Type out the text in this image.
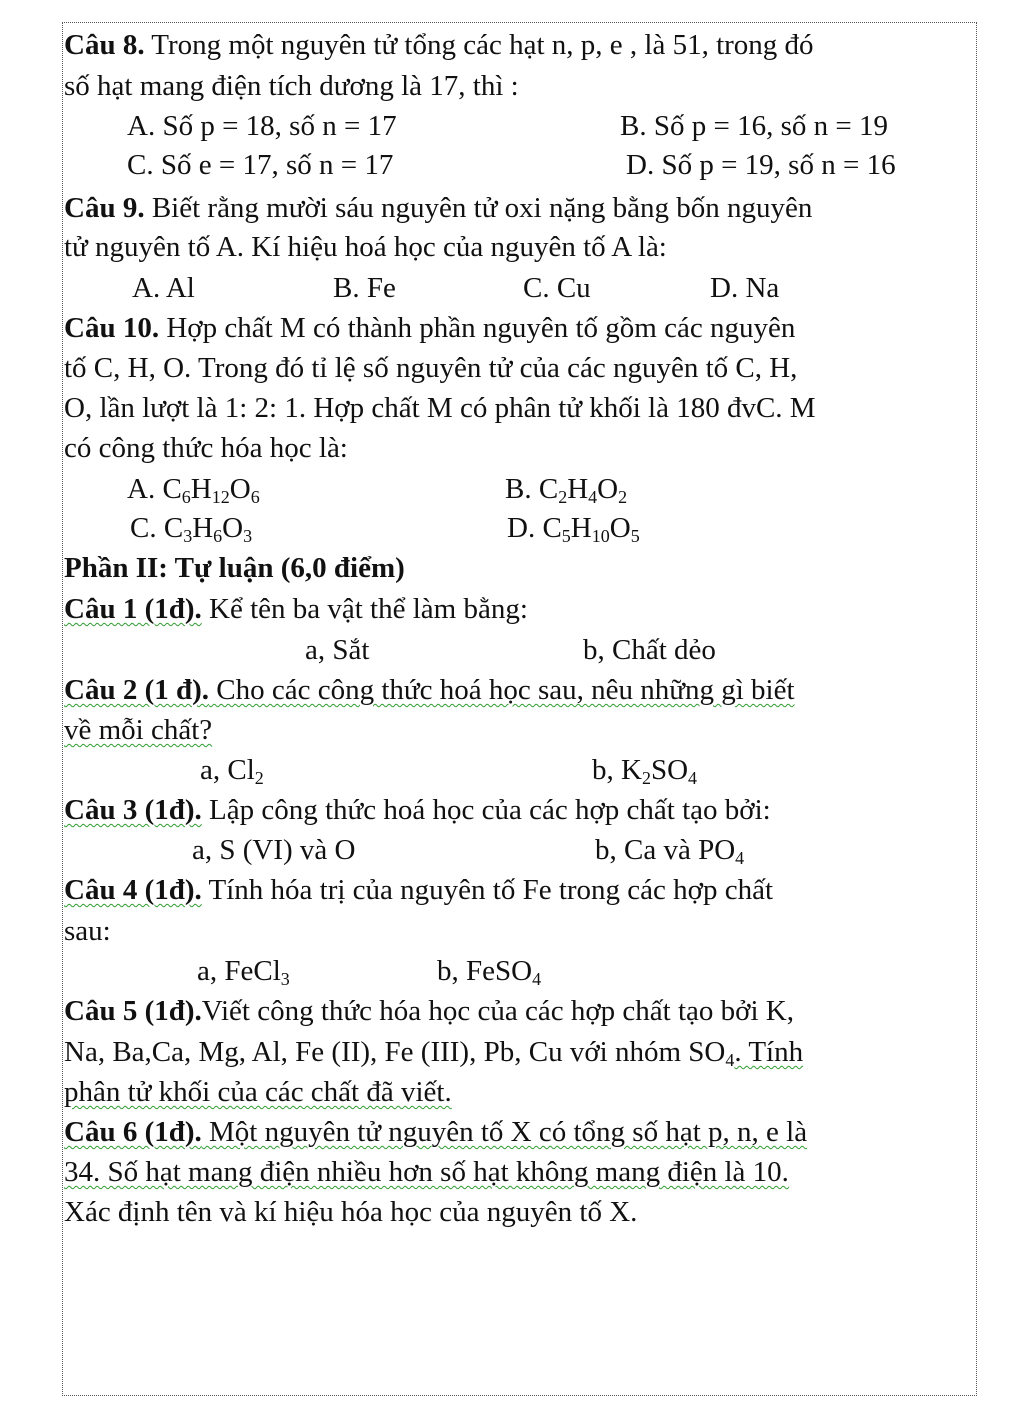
Câu 8. Trong một nguyên tử tổng các hạt n, p, e , là 51, trong đó
số hạt mang điện tích dương là 17, thì :
A. Số p = 18, số n = 17	B. Số p = 16, số n = 19
C. Số e = 17, số n = 17	D. Số p = 19, số n = 16
Câu 9. Biết rằng mười sáu nguyên tử oxi nặng bằng bốn nguyên
tử nguyên tố A. Kí hiệu hoá học của nguyên tố A là:
A. Al	B. Fe	C. Cu	D. Na
Câu 10. Hợp chất M có thành phần nguyên tố gồm các nguyên
tố C, H, O. Trong đó tỉ lệ số nguyên tử của các nguyên tố C, H,
O, lần lượt là 1: 2: 1. Hợp chất M có phân tử khối là 180 đvC. M
có công thức hóa học là:
A. $C_6H_{12}O_6$	B. $C_2H_4O_2$
C. $C_3H_6O_3$	D. $C_5H_{10}O_5$
Phần II: Tự luận (6,0 điểm)
Câu 1 (1đ). Kể tên ba vật thể làm bằng:
a, Sắt	b, Chất dẻo
Câu 2 (1 đ). Cho các công thức hoá học sau, nêu những gì biết
về mỗi chất?
a, $Cl_2$	b, $K_2SO_4$
Câu 3 (1đ). Lập công thức hoá học của các hợp chất tạo bởi:
a, S (VI) và O	b, Ca và $PO_4$
Câu 4 (1đ). Tính hóa trị của nguyên tố Fe trong các hợp chất
sau:
a, FeCl$_3$	b, FeSO$_4$
Câu 5 (1đ).Viết công thức hóa học của các hợp chất tạo bởi K,
Na, Ba,Ca, Mg, Al, Fe (II), Fe (III), Pb, Cu với nhóm $SO_4$. Tính
phân tử khối của các chất đã viết.
Câu 6 (1đ). Một nguyên tử nguyên tố X có tổng số hạt p, n, e là
34. Số hạt mang điện nhiều hơn số hạt không mang điện là 10.
Xác định tên và kí hiệu hóa học của nguyên tố X.
